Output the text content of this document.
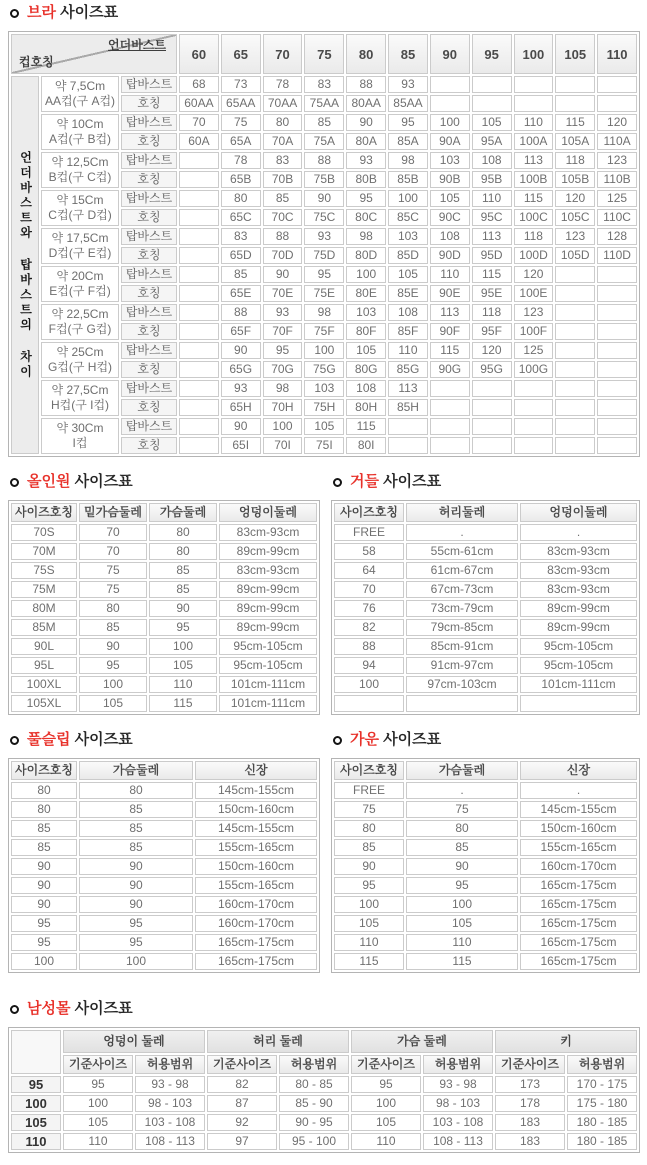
브라 사이즈표
언더바스트
컵호칭			60	65	70	75	80	85	90	95	100	105	110
언더바스트와 탑바스트의 차이	약 7,5Cm
AA컵(구 A컵)	탑바스트	68	73	78	83	88	93					
		호칭	60AA	65AA	70AA	75AA	80AA	85AA					

	약 10Cm
A컵(구 B컵)	탑바스트	70	75	80	85	90	95	100	105	110	115	120
		호칭	60A	65A	70A	75A	80A	85A	90A	95A	100A	105A	110A

	약 12,5Cm
B컵(구 C컵)	탑바스트		78	83	88	93	98	103	108	113	118	123
		호칭		65B	70B	75B	80B	85B	90B	95B	100B	105B	110B

	약 15Cm
C컵(구 D컵)	탑바스트		80	85	90	95	100	105	110	115	120	125
		호칭		65C	70C	75C	80C	85C	90C	95C	100C	105C	110C

	약 17,5Cm
D컵(구 E컵)	탑바스트		83	88	93	98	103	108	113	118	123	128
		호칭		65D	70D	75D	80D	85D	90D	95D	100D	105D	110D

	약 20Cm
E컵(구 F컵)	탑바스트		85	90	95	100	105	110	115	120		
		호칭		65E	70E	75E	80E	85E	90E	95E	100E		

	약 22,5Cm
F컵(구 G컵)	탑바스트		88	93	98	103	108	113	118	123		
		호칭		65F	70F	75F	80F	85F	90F	95F	100F		

	약 25Cm
G컵(구 H컵)	탑바스트		90	95	100	105	110	115	120	125		
		호칭		65G	70G	75G	80G	85G	90G	95G	100G		

	약 27,5Cm
H컵(구 I컵)	탑바스트		93	98	103	108	113					
		호칭		65H	70H	75H	80H	85H					

	약 30Cm
I컵	탑바스트		90	100	105	115						
		호칭		65I	70I	75I	80I						
올인원 사이즈표
사이즈호칭	밑가슴둘레	가슴둘레	엉덩이둘레
70S	70	80	83cm-93cm
70M	70	80	89cm-99cm
75S	75	85	83cm-93cm
75M	75	85	89cm-99cm
80M	80	90	89cm-99cm
85M	85	95	89cm-99cm
90L	90	100	95cm-105cm
95L	95	105	95cm-105cm
100XL	100	110	101cm-111cm
105XL	105	115	101cm-111cm
거들 사이즈표
사이즈호칭	허리둘레	엉덩이둘레
FREE	.	.
58	55cm-61cm	83cm-93cm
64	61cm-67cm	83cm-93cm
70	67cm-73cm	83cm-93cm
76	73cm-79cm	89cm-99cm
82	79cm-85cm	89cm-99cm
88	85cm-91cm	95cm-105cm
94	91cm-97cm	95cm-105cm
100	97cm-103cm	101cm-111cm

풀슬립 사이즈표
사이즈호칭	가슴둘레	신장
80	80	145cm-155cm
80	85	150cm-160cm
85	85	145cm-155cm
85	85	155cm-165cm
90	90	150cm-160cm
90	90	155cm-165cm
90	90	160cm-170cm
95	95	160cm-170cm
95	95	165cm-175cm
100	100	165cm-175cm
가운 사이즈표
사이즈호칭	가슴둘레	신장
FREE	.	.
75	75	145cm-155cm
80	80	150cm-160cm
85	85	155cm-165cm
90	90	160cm-170cm
95	95	165cm-175cm
100	100	165cm-175cm
105	105	165cm-175cm
110	110	165cm-175cm
115	115	165cm-175cm
남성몰 사이즈표
	엉덩이 둘레		허리 둘레		가슴 둘레		키	
	기준사이즈	허용범위	기준사이즈	허용범위	기준사이즈	허용범위	기준사이즈	허용범위
95	95	93 - 98	82	80 - 85	95	93 - 98	173	170 - 175
100	100	98 - 103	87	85 - 90	100	98 - 103	178	175 - 180
105	105	103 - 108	92	90 - 95	105	103 - 108	183	180 - 185
110	110	108 - 113	97	95 - 100	110	108 - 113	183	180 - 185
